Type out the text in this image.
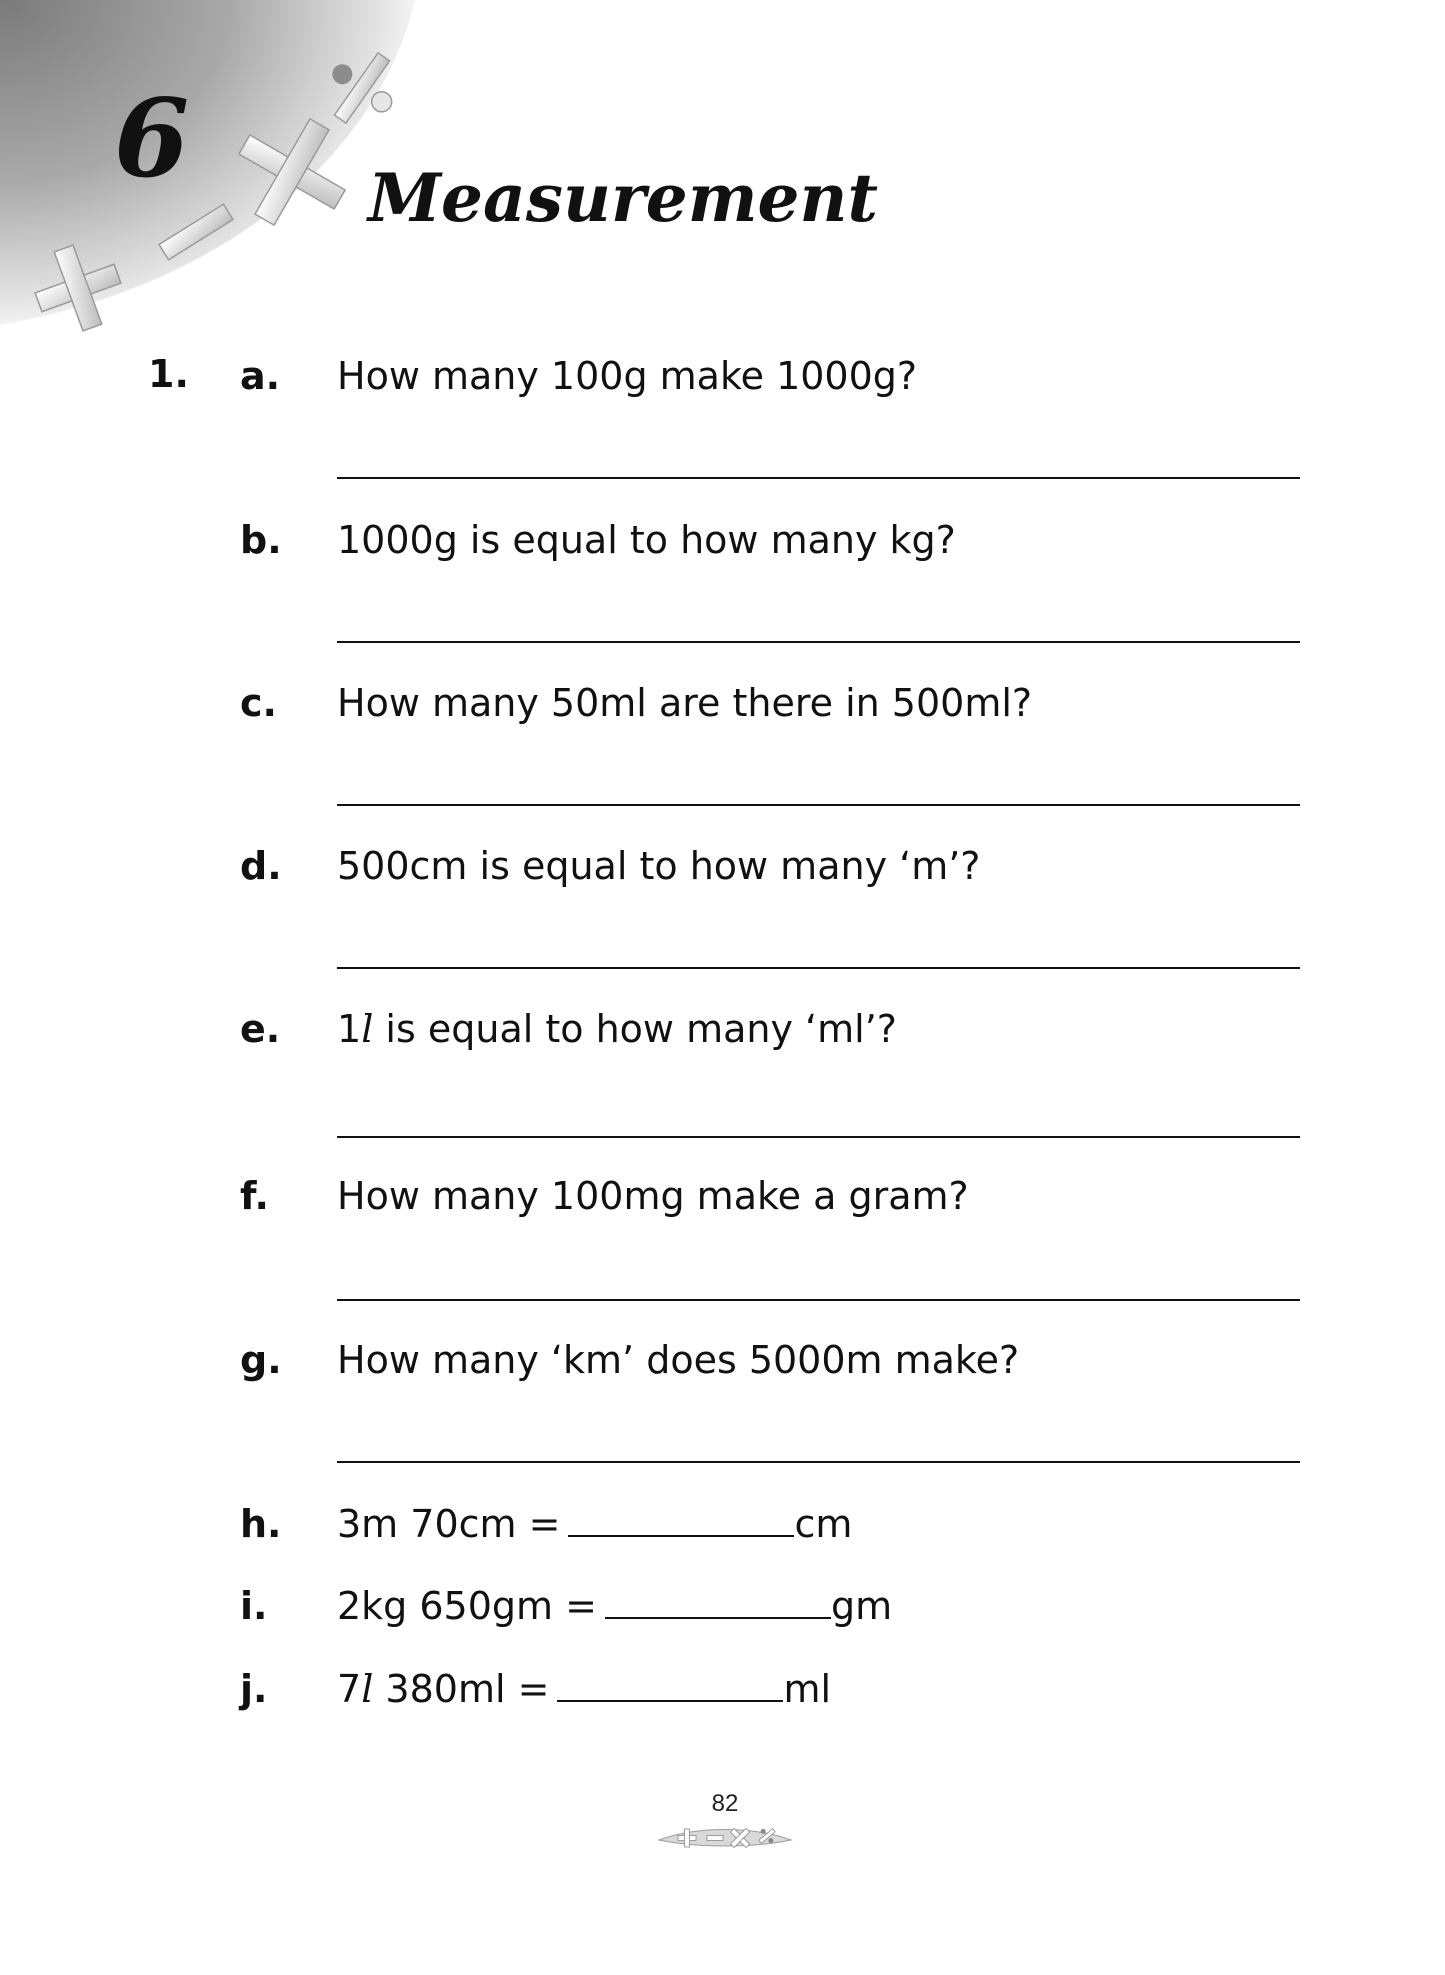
6	Measurement
1. a.	How many 100g make 1000g?
b.	1000g is equal to how many kg?
c.	How many 50ml are there in 500ml?
d.	500cm is equal to how many ‘m’?
e.	1l is equal to how many ‘ml’?
f.	How many 100mg make a gram?
g.	How many ‘km’ does 5000m make?
h.	3m 70cm =	cm
i.	2kg 650gm =	gm
j.	7l 380ml =	ml
82
